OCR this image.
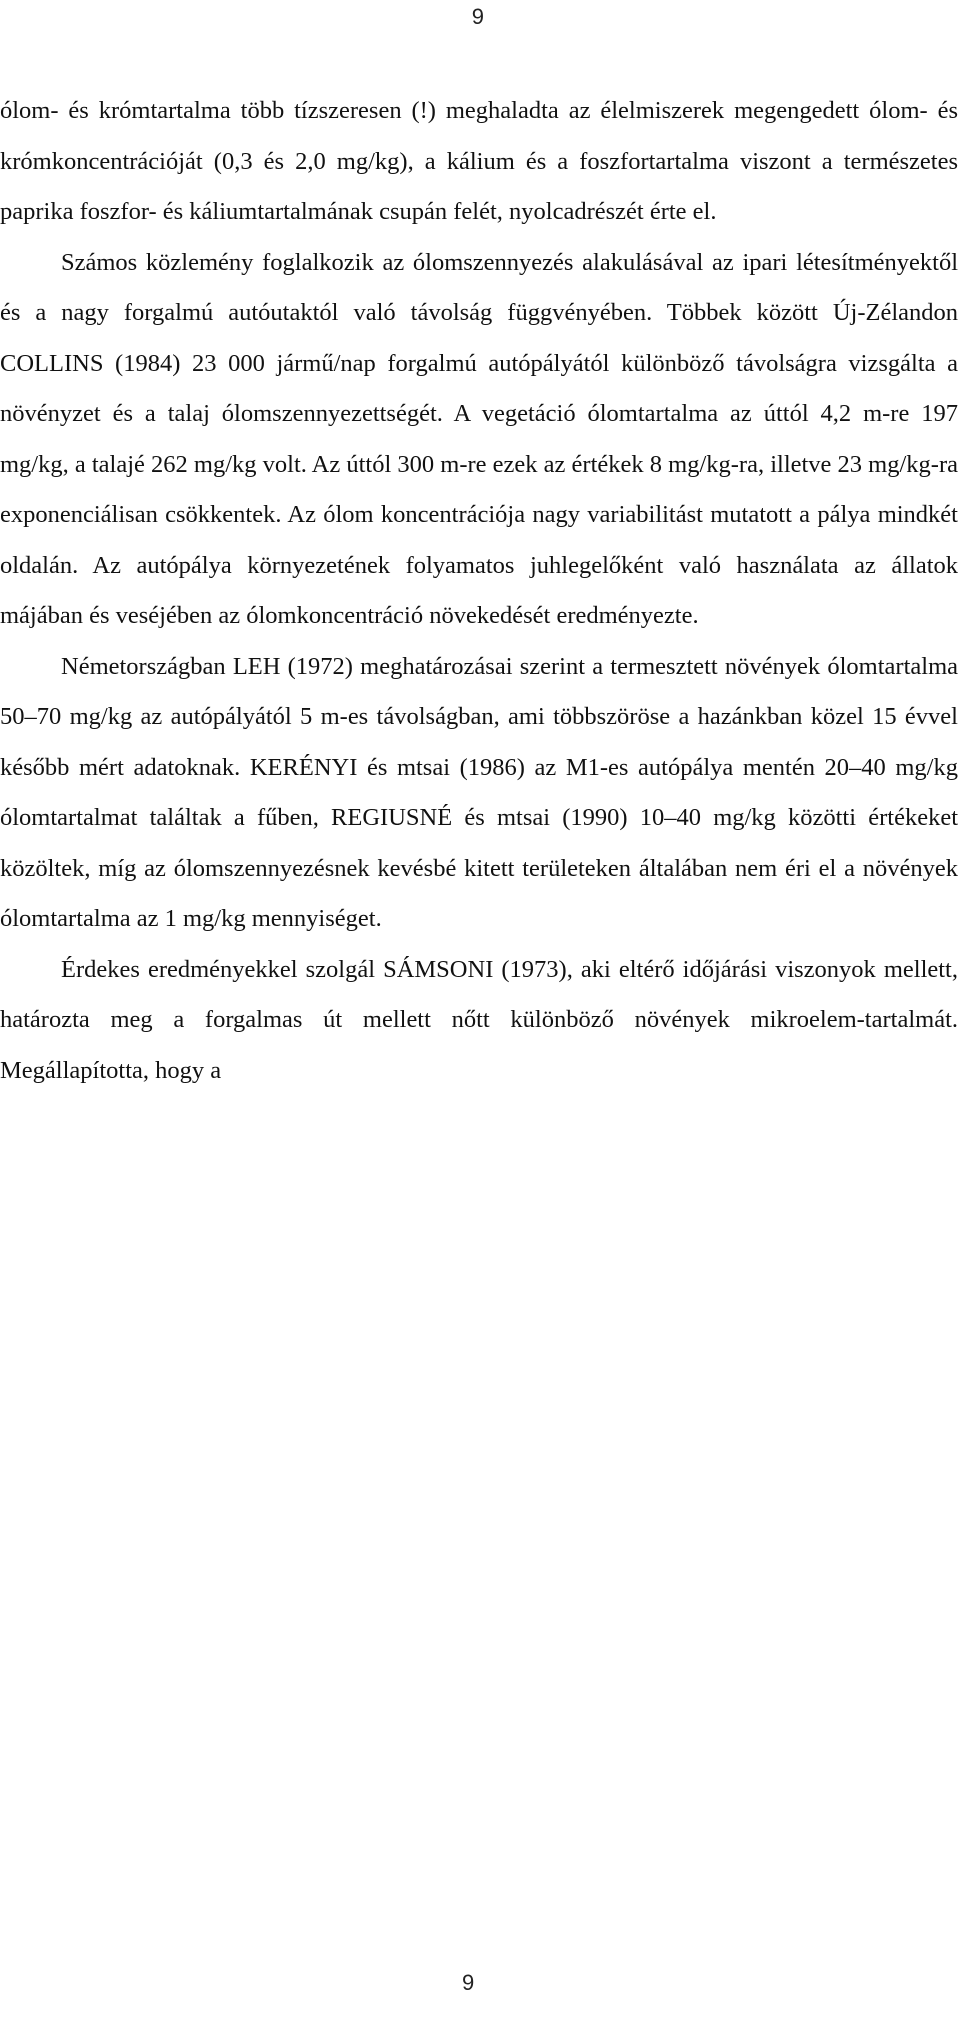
9

ólom- és krómtartalma több tízszeresen (!) meghaladta az élelmiszerek megengedett ólom- és krómkoncentrációját (0,3 és 2,0 mg/kg), a kálium és a foszfortartalma viszont a természetes paprika foszfor- és káliumtartalmának csupán felét, nyolcadrészét érte el.

Számos közlemény foglalkozik az ólomszennyezés alakulásával az ipari létesítményektől és a nagy forgalmú autóutaktól való távolság függvényében. Többek között Új-Zélandon COLLINS (1984) 23 000 jármű/nap forgalmú autópályától különböző távolságra vizsgálta a növényzet és a talaj ólomszennyezettségét. A vegetáció ólomtartalma az úttól 4,2 m-re 197 mg/kg, a talajé 262 mg/kg volt. Az úttól 300 m-re ezek az értékek 8 mg/kg-ra, illetve 23 mg/kg-ra exponenciálisan csökkentek. Az ólom koncentrációja nagy variabilitást mutatott a pálya mindkét oldalán. Az autópálya környezetének folyamatos juhlegelőként való használata az állatok májában és veséjében az ólomkoncentráció növekedését eredményezte.

Németországban LEH (1972) meghatározásai szerint a termesztett növények ólomtartalma 50–70 mg/kg az autópályától 5 m-es távolságban, ami többszöröse a hazánkban közel 15 évvel később mért adatoknak. KERÉNYI és mtsai (1986) az M1-es autópálya mentén 20–40 mg/kg ólomtartalmat találtak a fűben, REGIUSNÉ és mtsai (1990) 10–40 mg/kg közötti értékeket közöltek, míg az ólomszennyezésnek kevésbé kitett területeken általában nem éri el a növények ólomtartalma az 1 mg/kg mennyiséget.

Érdekes eredményekkel szolgál SÁMSONI (1973), aki eltérő időjárási viszonyok mellett, határozta meg a forgalmas út mellett nőtt különböző növények mikroelem-tartalmát. Megállapította, hogy a

9
